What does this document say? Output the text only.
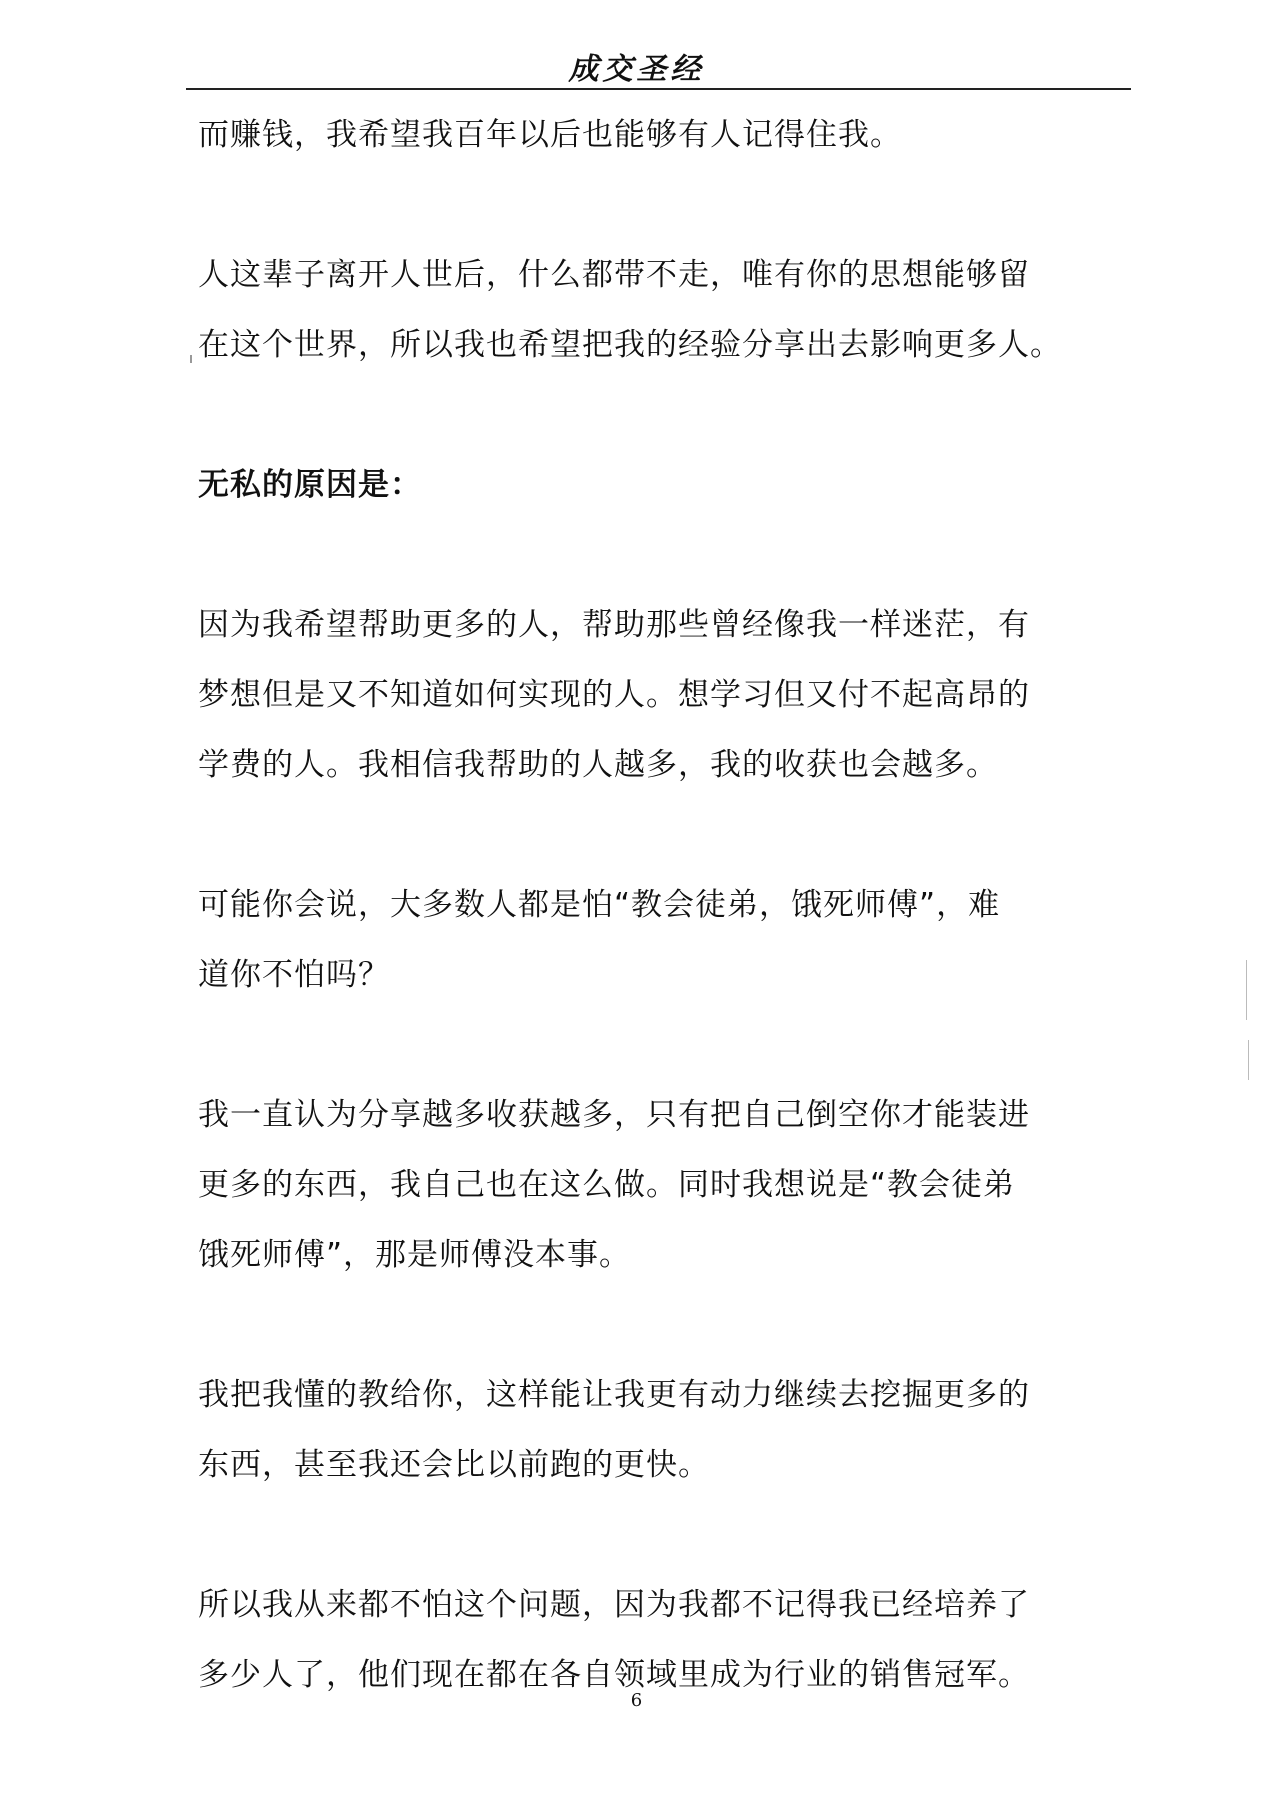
成交圣经
而赚钱，我希望我百年以后也能够有人记得住我。
人这辈子离开人世后，什么都带不走，唯有你的思想能够留
在这个世界，所以我也希望把我的经验分享出去影响更多人。
无私的原因是：
因为我希望帮助更多的人，帮助那些曾经像我一样迷茫，有
梦想但是又不知道如何实现的人。想学习但又付不起高昂的
学费的人。我相信我帮助的人越多，我的收获也会越多。
可能你会说，大多数人都是怕“教会徒弟，饿死师傅”，难
道你不怕吗？
我一直认为分享越多收获越多，只有把自己倒空你才能装进
更多的东西，我自己也在这么做。同时我想说是“教会徒弟
饿死师傅”，那是师傅没本事。
我把我懂的教给你，这样能让我更有动力继续去挖掘更多的
东西，甚至我还会比以前跑的更快。
所以我从来都不怕这个问题，因为我都不记得我已经培养了
多少人了，他们现在都在各自领域里成为行业的销售冠军。
6
